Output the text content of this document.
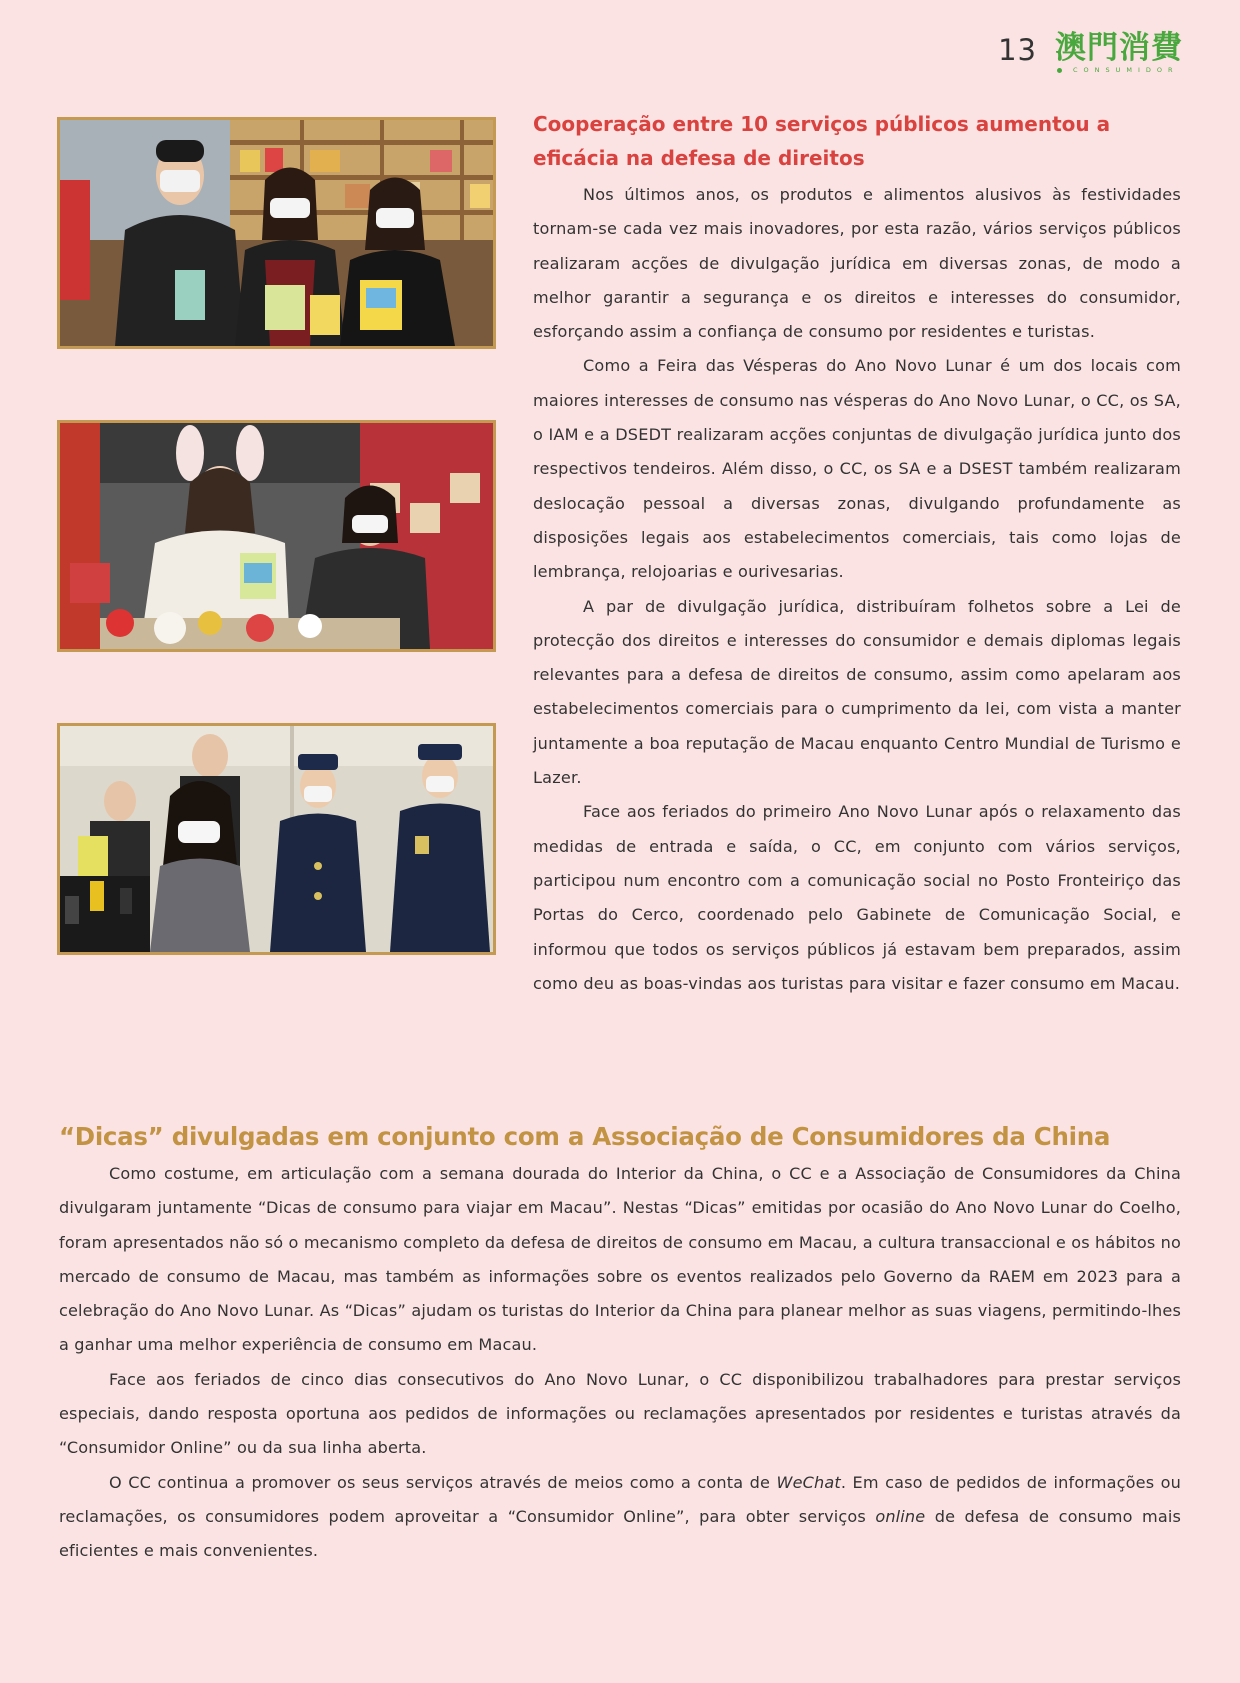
13 澳門消費
CONSUMIDOR
Cooperação entre 10 serviços públicos aumentou a eficácia na defesa de direitos

Nos últimos anos, os produtos e alimentos alusivos às festividades tornam-se cada vez mais inovadores, por esta razão, vários serviços públicos realizaram acções de divulgação jurídica em diversas zonas, de modo a melhor garantir a segurança e os direitos e interesses do consumidor, esforçando assim a confiança de consumo por residentes e turistas.

Como a Feira das Vésperas do Ano Novo Lunar é um dos locais com maiores interesses de consumo nas vésperas do Ano Novo Lunar, o CC, os SA, o IAM e a DSEDT realizaram acções conjuntas de divulgação jurídica junto dos respectivos tendeiros. Além disso, o CC, os SA e a DSEST também realizaram deslocação pessoal a diversas zonas, divulgando profundamente as disposições legais aos estabelecimentos comerciais, tais como lojas de lembrança, relojoarias e ourivesarias.

A par de divulgação jurídica, distribuíram folhetos sobre a Lei de protecção dos direitos e interesses do consumidor e demais diplomas legais relevantes para a defesa de direitos de consumo, assim como apelaram aos estabelecimentos comerciais para o cumprimento da lei, com vista a manter juntamente a boa reputação de Macau enquanto Centro Mundial de Turismo e Lazer.

Face aos feriados do primeiro Ano Novo Lunar após o relaxamento das medidas de entrada e saída, o CC, em conjunto com vários serviços, participou num encontro com a comunicação social no Posto Fronteiriço das Portas do Cerco, coordenado pelo Gabinete de Comunicação Social, e informou que todos os serviços públicos já estavam bem preparados, assim como deu as boas-vindas aos turistas para visitar e fazer consumo em Macau.

“Dicas” divulgadas em conjunto com a Associação de Consumidores da China

Como costume, em articulação com a semana dourada do Interior da China, o CC e a Associação de Consumidores da China divulgaram juntamente “Dicas de consumo para viajar em Macau”. Nestas “Dicas” emitidas por ocasião do Ano Novo Lunar do Coelho, foram apresentados não só o mecanismo completo da defesa de direitos de consumo em Macau, a cultura transaccional e os hábitos no mercado de consumo de Macau, mas também as informações sobre os eventos realizados pelo Governo da RAEM em 2023 para a celebração do Ano Novo Lunar. As “Dicas” ajudam os turistas do Interior da China para planear melhor as suas viagens, permitindo-lhes a ganhar uma melhor experiência de consumo em Macau.

Face aos feriados de cinco dias consecutivos do Ano Novo Lunar, o CC disponibilizou trabalhadores para prestar serviços especiais, dando resposta oportuna aos pedidos de informações ou reclamações apresentados por residentes e turistas através da “Consumidor Online” ou da sua linha aberta.

O CC continua a promover os seus serviços através de meios como a conta de WeChat. Em caso de pedidos de informações ou reclamações, os consumidores podem aproveitar a “Consumidor Online”, para obter serviços online de defesa de consumo mais eficientes e mais convenientes.
